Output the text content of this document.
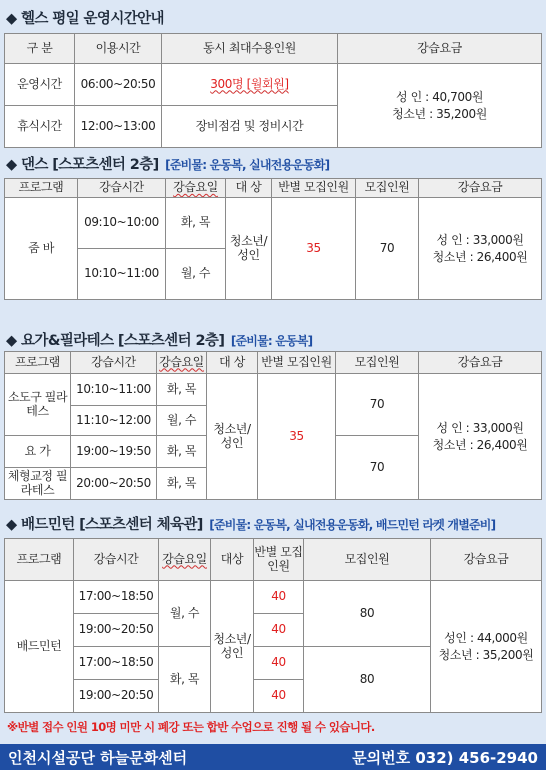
◆ 헬스 평일 운영시간안내
구 분	이용시간	동시 최대수용인원	강습요금
운영시간	06:00~20:50	300명 [월회원]	성 인 : 40,700원
청소년 : 35,200원

휴식시간	12:00~13:00	장비점검 및 정비시간	
◆ 댄스 [스포츠센터 2층] [준비물: 운동복, 실내전용운동화]
프로그램	강습시간	강습요일	대 상	반별 모집인원	모집인원	강습요금
줌 바	09:10~10:00	화, 목	청소년/ 성인	35	70	성 인 : 33,000원
청소년 : 26,400원

	10:10~11:00	월, 수				
◆ 요가&필라테스 [스포츠센터 2층] [준비물: 운동복]
프로그램	강습시간	강습요일	대 상	반별 모집인원	모집인원	강습요금
소도구 필라테스	10:10~11:00	화, 목	청소년/ 성인	35	70	성 인 : 33,000원
청소년 : 26,400원

	11:10~12:00	월, 수				
요 가	19:00~19:50	화, 목			70	
체형교정 필라테스	20:00~20:50	화, 목				
◆ 배드민턴 [스포츠센터 체육관] [준비물: 운동복, 실내전용운동화, 배드민턴 라켓 개별준비]
프로그램	강습시간	강습요일	대상	반별 모집인원	모집인원	강습요금
배드민턴	17:00~18:50	월, 수	청소년/ 성인	40	80	성인 : 44,000원
청소년 : 35,200원

	19:00~20:50			40		
	17:00~18:50	화, 목		40	80	
	19:00~20:50			40		
※반별 접수 인원 10명 미만 시 폐강 또는 합반 수업으로 진행 될 수 있습니다.
인천시설공단 하늘문화센터	문의번호 032) 456-2940
